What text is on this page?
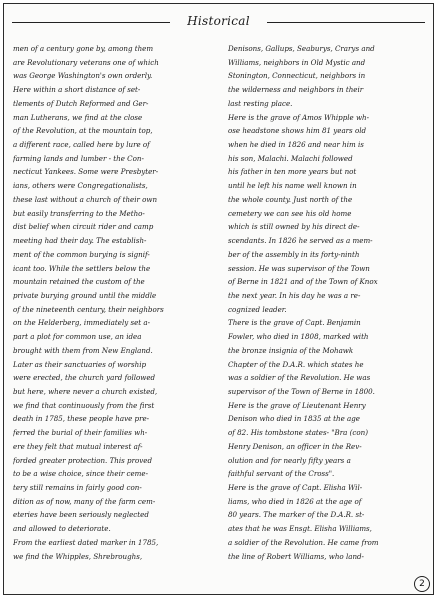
Historical
men of a century gone by, among them
are Revolutionary veterans one of which
was George Washington's own orderly.
Here within a short distance of set-
tlements of Dutch Reformed and Ger-
man Lutherans, we find at the close
of the Revolution, at the mountain top,
a different race, called here by lure of
farming lands and lumber - the Con-
necticut Yankees. Some were Presbyter-
ians, others were Congregationalists,
these last without a church of their own
but easily transferring to the Metho-
dist belief when circuit rider and camp
meeting had their day. The establish-
ment of the common burying is signif-
icant too. While the settlers below the
mountain retained the custom of the
private burying ground until the middle
of the nineteenth century, their neighbors
on the Helderberg, immediately set a-
part a plot for common use, an idea
brought with them from New England.
Later as their sanctuaries of worship
were erected, the church yard followed
but here, where never a church existed,
we find that continuously from the first
death in 1785, these people have pre-
ferred the burial of their families wh-
ere they felt that mutual interest af-
forded greater protection. This proved
to be a wise choice, since their ceme-
tery still remains in fairly good con-
dition as of now, many of the farm cem-
eteries have been seriously neglected
and allowed to deteriorate.
From the earliest dated marker in 1785,
we find the Whipples, Shrebroughs,
Denisons, Gallups, Seaburys, Crarys and
Williams, neighbors in Old Mystic and
Stonington, Connecticut, neighbors in
the wilderness and neighbors in their
last resting place.
Here is the grave of Amos Whipple wh-
ose headstone shows him 81 years old
when he died in 1826 and near him is
his son, Malachi. Malachi followed
his father in ten more years but not
until he left his name well known in
the whole county. Just north of the
cemetery we can see his old home
which is still owned by his direct de-
scendants. In 1826 he served as a mem-
ber of the assembly in its forty-ninth
session. He was supervisor of the Town
of Berne in 1821 and of the Town of Knox
the next year. In his day he was a re-
cognized leader.
There is the grave of Capt. Benjamin
Fowler, who died in 1808, marked with
the bronze insignia of the Mohawk
Chapter of the D.A.R. which states he
was a soldier of the Revolution. He was
supervisor of the Town of Berne in 1800.
Here is the grave of Lieutenant Henry
Denison who died in 1835 at the age
of 82. His tombstone states- "Bra (con)
Henry Denison, an officer in the Rev-
olution and for nearly fifty years a
faithful servant of the Cross".
Here is the grave of Capt. Elisha Wil-
liams, who died in 1826 at the age of
80 years. The marker of the D.A.R. st-
ates that he was Ensgt. Elisha Williams,
a soldier of the Revolution. He came from
the line of Robert Williams, who land-
2
